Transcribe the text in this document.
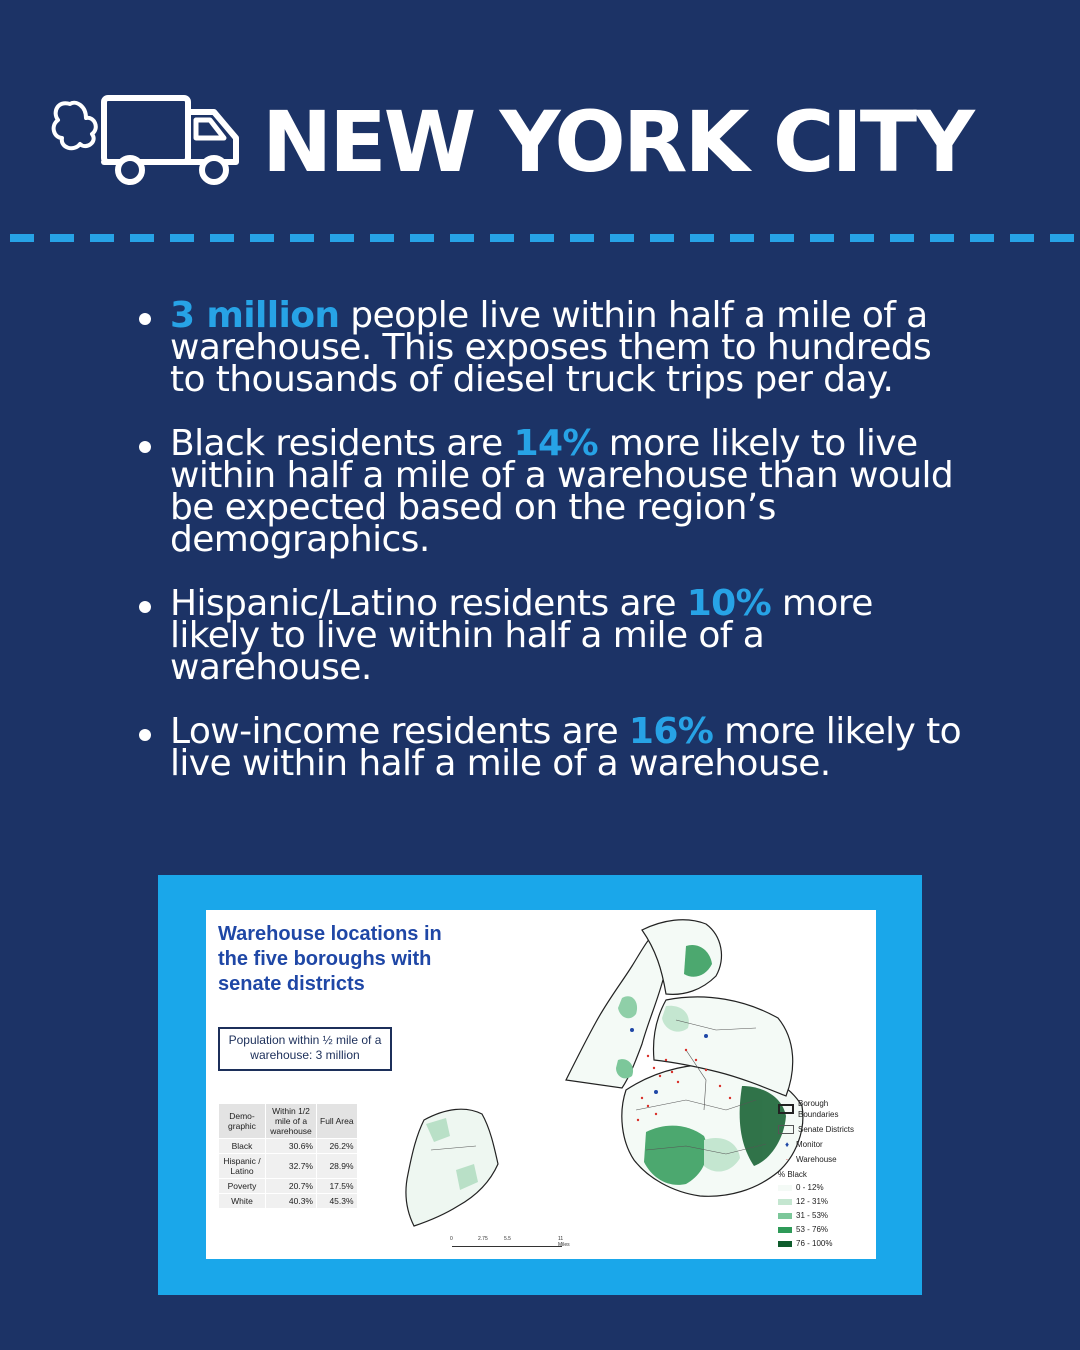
NEW YORK CITY
3 million people live within half a mile of a warehouse. This exposes them to hundreds to thousands of diesel truck trips per day.
Black residents are 14% more likely to live within half a mile of a warehouse than would be expected based on the region’s demographics.
Hispanic/Latino residents are 10% more likely to live within half a mile of a warehouse.
Low-income residents are 16% more likely to live within half a mile of a warehouse.
Warehouse locations in the five boroughs with senate districts
Population within ½ mile of a warehouse: 3 million
Demo-graphic	Within 1/2 mile of a warehouse	Full Area
Black	30.6%	26.2%
Hispanic / Latino	32.7%	28.9%
Poverty	20.7%	17.5%
White	40.3%	45.3%
Borough Boundaries
Senate Districts
♦ Monitor
· Warehouse
% Black
0 - 12%
12 - 31%
31 - 53%
53 - 76%
76 - 100%
0	2.75	5.5	11 Miles
